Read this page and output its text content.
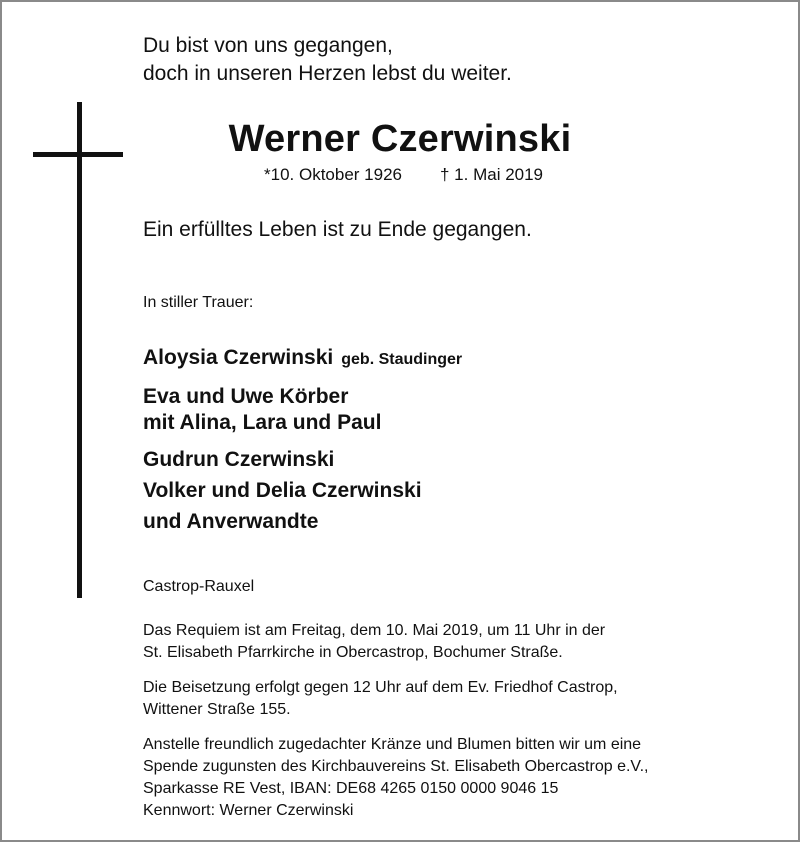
Du bist von uns gegangen,
doch in unseren Herzen lebst du weiter.
Werner Czerwinski
*10. Oktober 1926 † 1. Mai 2019
Ein erfülltes Leben ist zu Ende gegangen.
In stiller Trauer:
Aloysia Czerwinski geb. Staudinger
Eva und Uwe Körber
mit Alina, Lara und Paul
Gudrun Czerwinski
Volker und Delia Czerwinski
und Anverwandte
Castrop-Rauxel
Das Requiem ist am Freitag, dem 10. Mai 2019, um 11 Uhr in der
St. Elisabeth Pfarrkirche in Obercastrop, Bochumer Straße.
Die Beisetzung erfolgt gegen 12 Uhr auf dem Ev. Friedhof Castrop,
Wittener Straße 155.
Anstelle freundlich zugedachter Kränze und Blumen bitten wir um eine
Spende zugunsten des Kirchbauvereins St. Elisabeth Obercastrop e.V.,
Sparkasse RE Vest, IBAN: DE68 4265 0150 0000 9046 15
Kennwort: Werner Czerwinski
